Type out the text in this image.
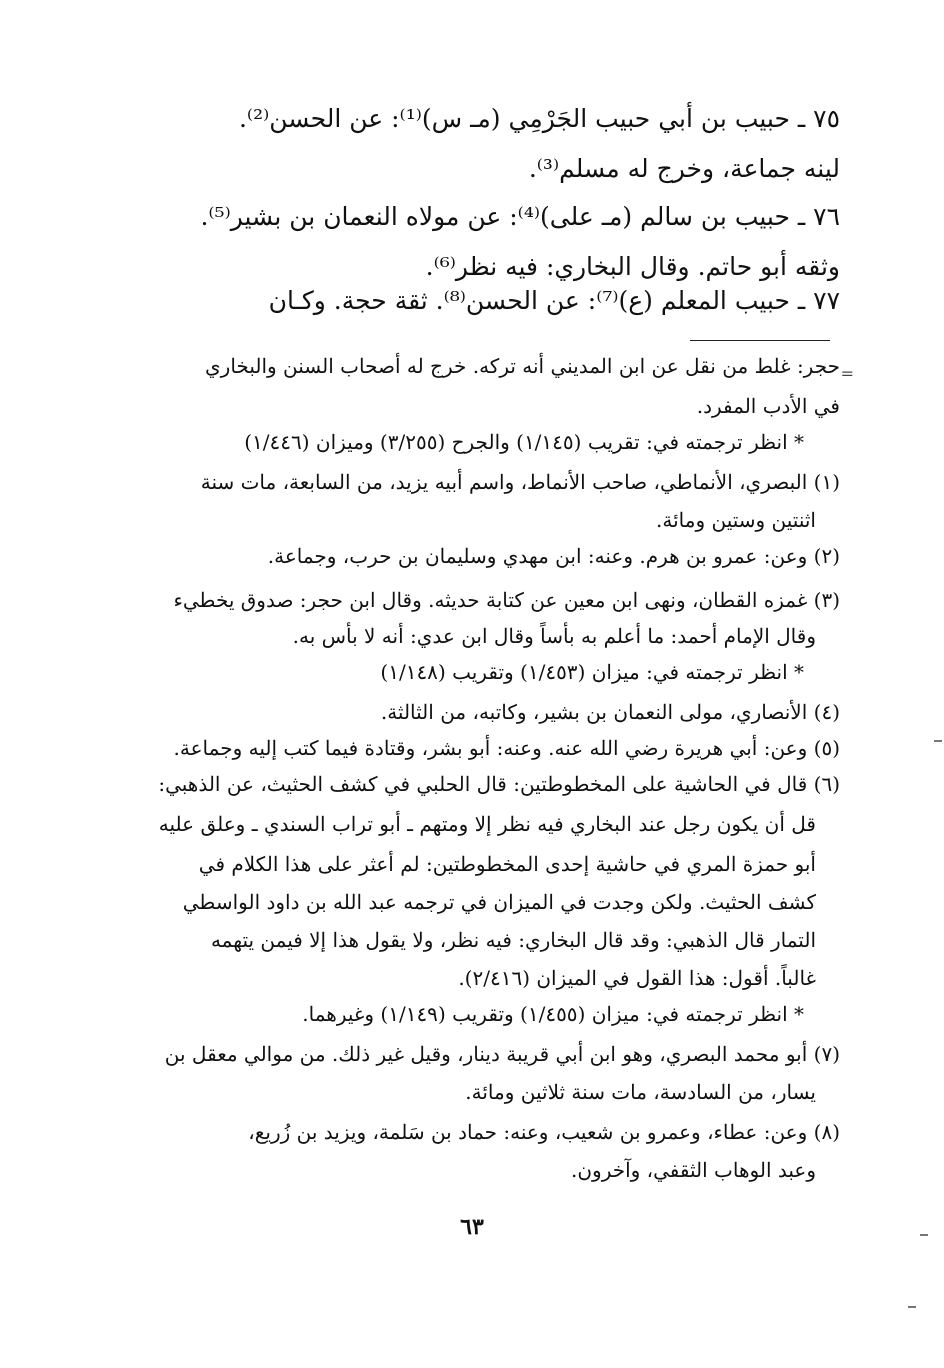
٧٥ ـ حبيب بن أبي حبيب الجَرْمِي (مـ س)⁽¹⁾: عن الحسن⁽²⁾.
لينه جماعة، وخرج له مسلم⁽³⁾.
٧٦ ـ حبيب بن سالم (مـ علی)⁽⁴⁾: عن مولاه النعمان بن بشير⁽⁵⁾.
وثقه أبو حاتم. وقال البخاري: فيه نظر⁽⁶⁾.
٧٧ ـ حبيب المعلم (ع)⁽⁷⁾: عن الحسن⁽⁸⁾. ثقة حجة. وكـان
=
حجر: غلط من نقل عن ابن المديني أنه تركه. خرج له أصحاب السنن والبخاري
في الأدب المفرد.
* انظر ترجمته في: تقريب (١/١٤٥) والجرح (٣/٢٥٥) وميزان (١/٤٤٦)
(١) البصري، الأنماطي، صاحب الأنماط، واسم أبيه يزيد، من السابعة، مات سنة
اثنتين وستين ومائة.
(٢) وعن: عمرو بن هرم. وعنه: ابن مهدي وسليمان بن حرب، وجماعة.
(٣) غمزه القطان، ونهى ابن معين عن كتابة حديثه. وقال ابن حجر: صدوق يخطيء
وقال الإمام أحمد: ما أعلم به بأساً وقال ابن عدي: أنه لا بأس به.
* انظر ترجمته في: ميزان (١/٤٥٣) وتقريب (١/١٤٨)
(٤) الأنصاري، مولى النعمان بن بشير، وكاتبه، من الثالثة.
(٥) وعن: أبي هريرة رضي الله عنه. وعنه: أبو بشر، وقتادة فيما كتب إليه وجماعة.
(٦) قال في الحاشية على المخطوطتين: قال الحلبي في كشف الحثيث، عن الذهبي:
قل أن يكون رجل عند البخاري فيه نظر إلا ومتهم ـ أبو تراب السندي ـ وعلق عليه
أبو حمزة المري في حاشية إحدى المخطوطتين: لم أعثر على هذا الكلام في
كشف الحثيث. ولكن وجدت في الميزان في ترجمه عبد الله بن داود الواسطي
التمار قال الذهبي: وقد قال البخاري: فيه نظر، ولا يقول هذا إلا فيمن يتهمه
غالباً. أقول: هذا القول في الميزان (٢/٤١٦).
* انظر ترجمته في: ميزان (١/٤٥٥) وتقريب (١/١٤٩) وغيرهما.
(٧) أبو محمد البصري، وهو ابن أبي قريبة دينار، وقيل غير ذلك. من موالي معقل بن
يسار، من السادسة، مات سنة ثلاثين ومائة.
(٨) وعن: عطاء، وعمرو بن شعيب، وعنه: حماد بن سَلمة، ويزيد بن زُريع،
وعبد الوهاب الثقفي، وآخرون.
٦٣
